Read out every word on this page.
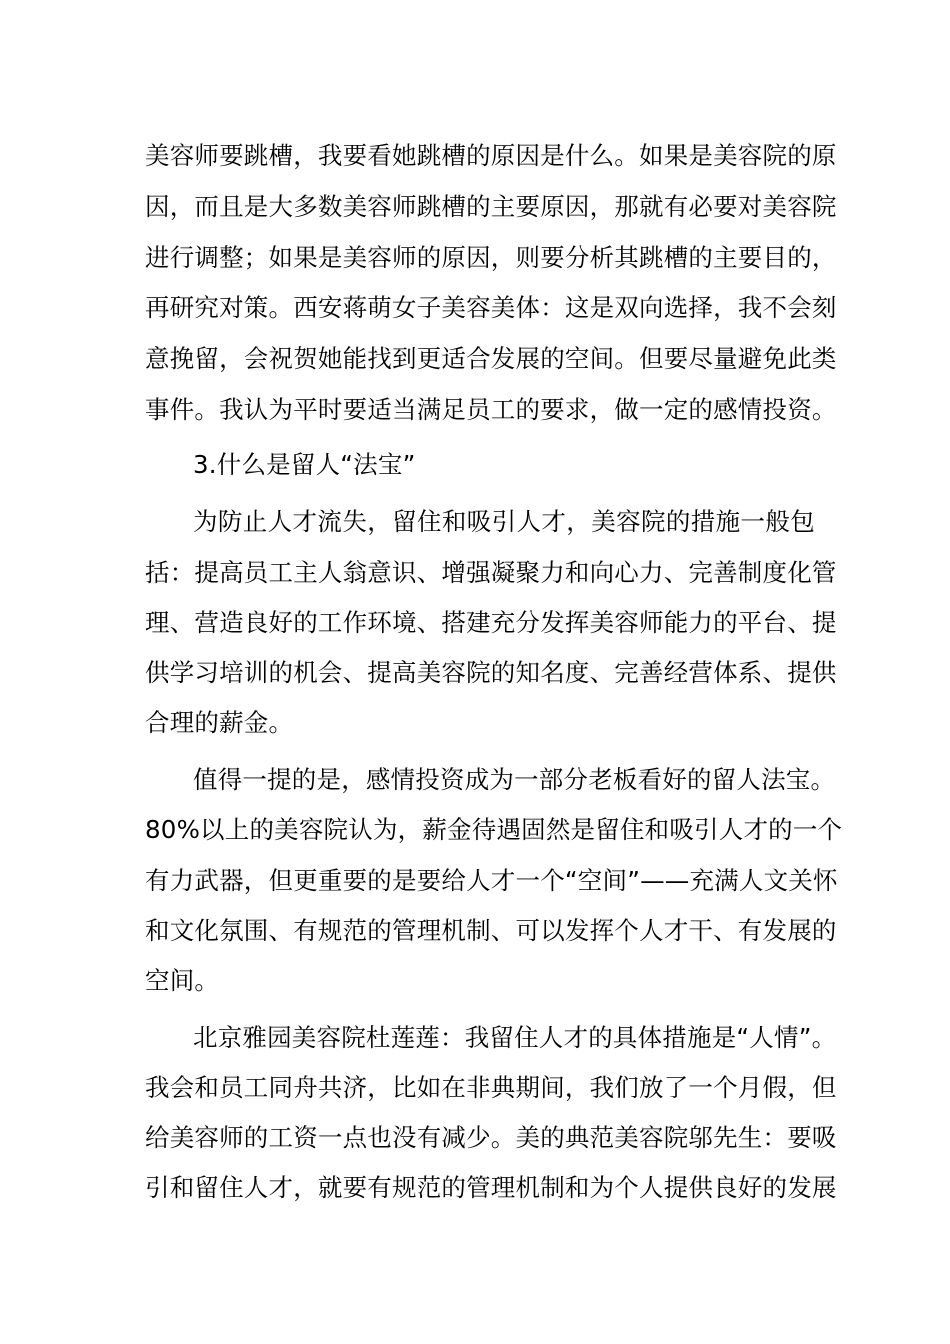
美容师要跳槽，我要看她跳槽的原因是什么。如果是美容院的原

因，而且是大多数美容师跳槽的主要原因，那就有必要对美容院

进行调整；如果是美容师的原因，则要分析其跳槽的主要目的，

再研究对策。西安蒋萌女子美容美体：这是双向选择，我不会刻

意挽留，会祝贺她能找到更适合发展的空间。但要尽量避免此类

事件。我认为平时要适当满足员工的要求，做一定的感情投资。

3.什么是留人“法宝”

为防止人才流失，留住和吸引人才，美容院的措施一般包

括：提高员工主人翁意识、增强凝聚力和向心力、完善制度化管

理、营造良好的工作环境、搭建充分发挥美容师能力的平台、提

供学习培训的机会、提高美容院的知名度、完善经营体系、提供

合理的薪金。

值得一提的是，感情投资成为一部分老板看好的留人法宝。

80%以上的美容院认为，薪金待遇固然是留住和吸引人才的一个

有力武器，但更重要的是要给人才一个“空间”——充满人文关怀

和文化氛围、有规范的管理机制、可以发挥个人才干、有发展的

空间。

北京雅园美容院杜莲莲：我留住人才的具体措施是“人情”。

我会和员工同舟共济，比如在非典期间，我们放了一个月假，但

给美容师的工资一点也没有减少。美的典范美容院邬先生：要吸

引和留住人才，就要有规范的管理机制和为个人提供良好的发展
